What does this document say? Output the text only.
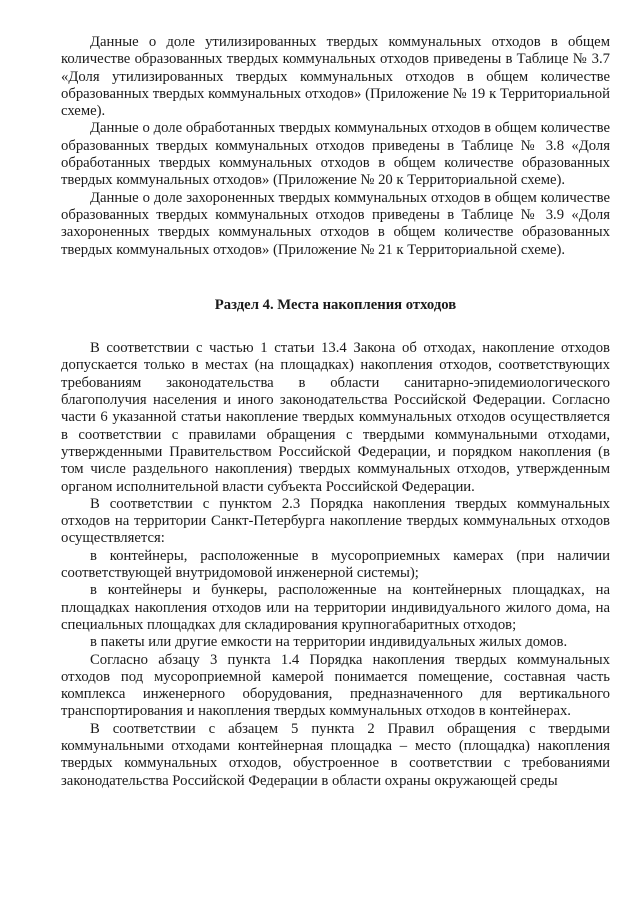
Данные о доле утилизированных твердых коммунальных отходов в общем количестве образованных твердых коммунальных отходов приведены в Таблице № 3.7 «Доля утилизированных твердых коммунальных отходов в общем количестве образованных твердых коммунальных отходов» (Приложение № 19 к Территориальной схеме).

Данные о доле обработанных твердых коммунальных отходов в общем количестве образованных твердых коммунальных отходов приведены в Таблице № 3.8 «Доля обработанных твердых коммунальных отходов в общем количестве образованных твердых коммунальных отходов» (Приложение № 20 к Территориальной схеме).

Данные о доле захороненных твердых коммунальных отходов в общем количестве образованных твердых коммунальных отходов приведены в Таблице № 3.9 «Доля захороненных твердых коммунальных отходов в общем количестве образованных твердых коммунальных отходов» (Приложение № 21 к Территориальной схеме).

Раздел 4. Места накопления отходов

В соответствии с частью 1 статьи 13.4 Закона об отходах, накопление отходов допускается только в местах (на площадках) накопления отходов, соответствующих требованиям законодательства в области санитарно-эпидемиологического благополучия населения и иного законодательства Российской Федерации. Согласно части 6 указанной статьи накопление твердых коммунальных отходов осуществляется в соответствии с правилами обращения с твердыми коммунальными отходами, утвержденными Правительством Российской Федерации, и порядком накопления (в том числе раздельного накопления) твердых коммунальных отходов, утвержденным органом исполнительной власти субъекта Российской Федерации.

В соответствии с пунктом 2.3 Порядка накопления твердых коммунальных отходов на территории Санкт-Петербурга накопление твердых коммунальных отходов осуществляется:

в контейнеры, расположенные в мусороприемных камерах (при наличии соответствующей внутридомовой инженерной системы);

в контейнеры и бункеры, расположенные на контейнерных площадках, на площадках накопления отходов или на территории индивидуального жилого дома, на специальных площадках для складирования крупногабаритных отходов;

в пакеты или другие емкости на территории индивидуальных жилых домов.

Согласно абзацу 3 пункта 1.4 Порядка накопления твердых коммунальных отходов под мусороприемной камерой понимается помещение, составная часть комплекса инженерного оборудования, предназначенного для вертикального транспортирования и накопления твердых коммунальных отходов в контейнерах.

В соответствии с абзацем 5 пункта 2 Правил обращения с твердыми коммунальными отходами контейнерная площадка – место (площадка) накопления твердых коммунальных отходов, обустроенное в соответствии с требованиями законодательства Российской Федерации в области охраны окружающей среды
